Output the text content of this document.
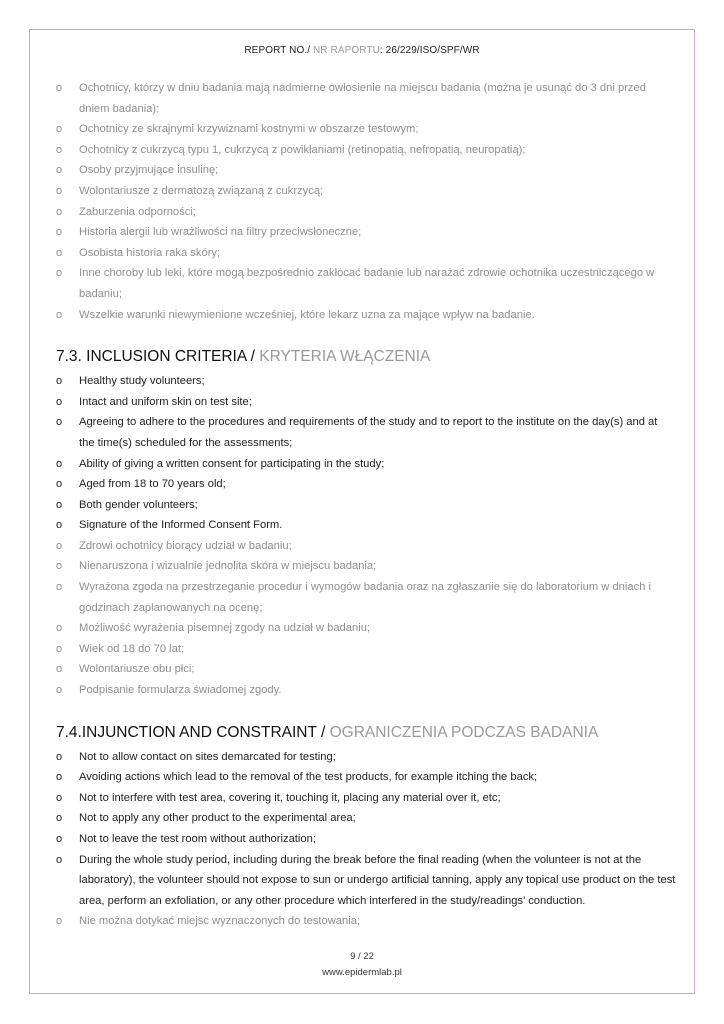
REPORT NO./ NR RAPORTU: 26/229/ISO/SPF/WR
o Ochotnicy, którzy w dniu badania mają nadmierne owłosienie na miejscu badania (można je usunąć do 3 dni przed dniem badania);
o Ochotnicy ze skrajnymi krzywiznami kostnymi w obszarze testowym;
o Ochotnicy z cukrzycą typu 1, cukrzycą z powikłaniami (retinopatią, nefropatią, neuropatią);
o Osoby przyjmujące insulinę;
o Wolontariusze z dermatozą związaną z cukrzycą;
o Zaburzenia odporności;
o Historia alergii lub wrażliwości na filtry przeciwsłoneczne;
o Osobista historia raka skóry;
o Inne choroby lub leki, które mogą bezpośrednio zakłócać badanie lub narażać zdrowie ochotnika uczestniczącego w badaniu;
o Wszelkie warunki niewymienione wcześniej, które lekarz uzna za mające wpływ na badanie.
7.3. INCLUSION CRITERIA / KRYTERIA WŁĄCZENIA
o Healthy study volunteers;
o Intact and uniform skin on test site;
o Agreeing to adhere to the procedures and requirements of the study and to report to the institute on the day(s) and at the time(s) scheduled for the assessments;
o Ability of giving a written consent for participating in the study;
o Aged from 18 to 70 years old;
o Both gender volunteers;
o Signature of the Informed Consent Form.
o Zdrowi ochotnicy biorący udział w badaniu;
o Nienaruszona i wizualnie jednolita skóra w miejscu badania;
o Wyrażona zgoda na przestrzeganie procedur i wymogów badania oraz na zgłaszanie się do laboratorium w dniach i godzinach zaplanowanych na ocenę;
o Możliwość wyrażenia pisemnej zgody na udział w badaniu;
o Wiek od 18 do 70 lat;
o Wolontariusze obu płci;
o Podpisanie formularza świadomej zgody.
7.4.INJUNCTION AND CONSTRAINT / OGRANICZENIA PODCZAS BADANIA
o Not to allow contact on sites demarcated for testing;
o Avoiding actions which lead to the removal of the test products, for example itching the back;
o Not to interfere with test area, covering it, touching it, placing any material over it, etc;
o Not to apply any other product to the experimental area;
o Not to leave the test room without authorization;
o During the whole study period, including during the break before the final reading (when the volunteer is not at the laboratory), the volunteer should not expose to sun or undergo artificial tanning, apply any topical use product on the test area, perform an exfoliation, or any other procedure which interfered in the study/readings’ conduction.
o Nie można dotykać miejsc wyznaczonych do testowania;
9 / 22
www.epidermlab.pl
